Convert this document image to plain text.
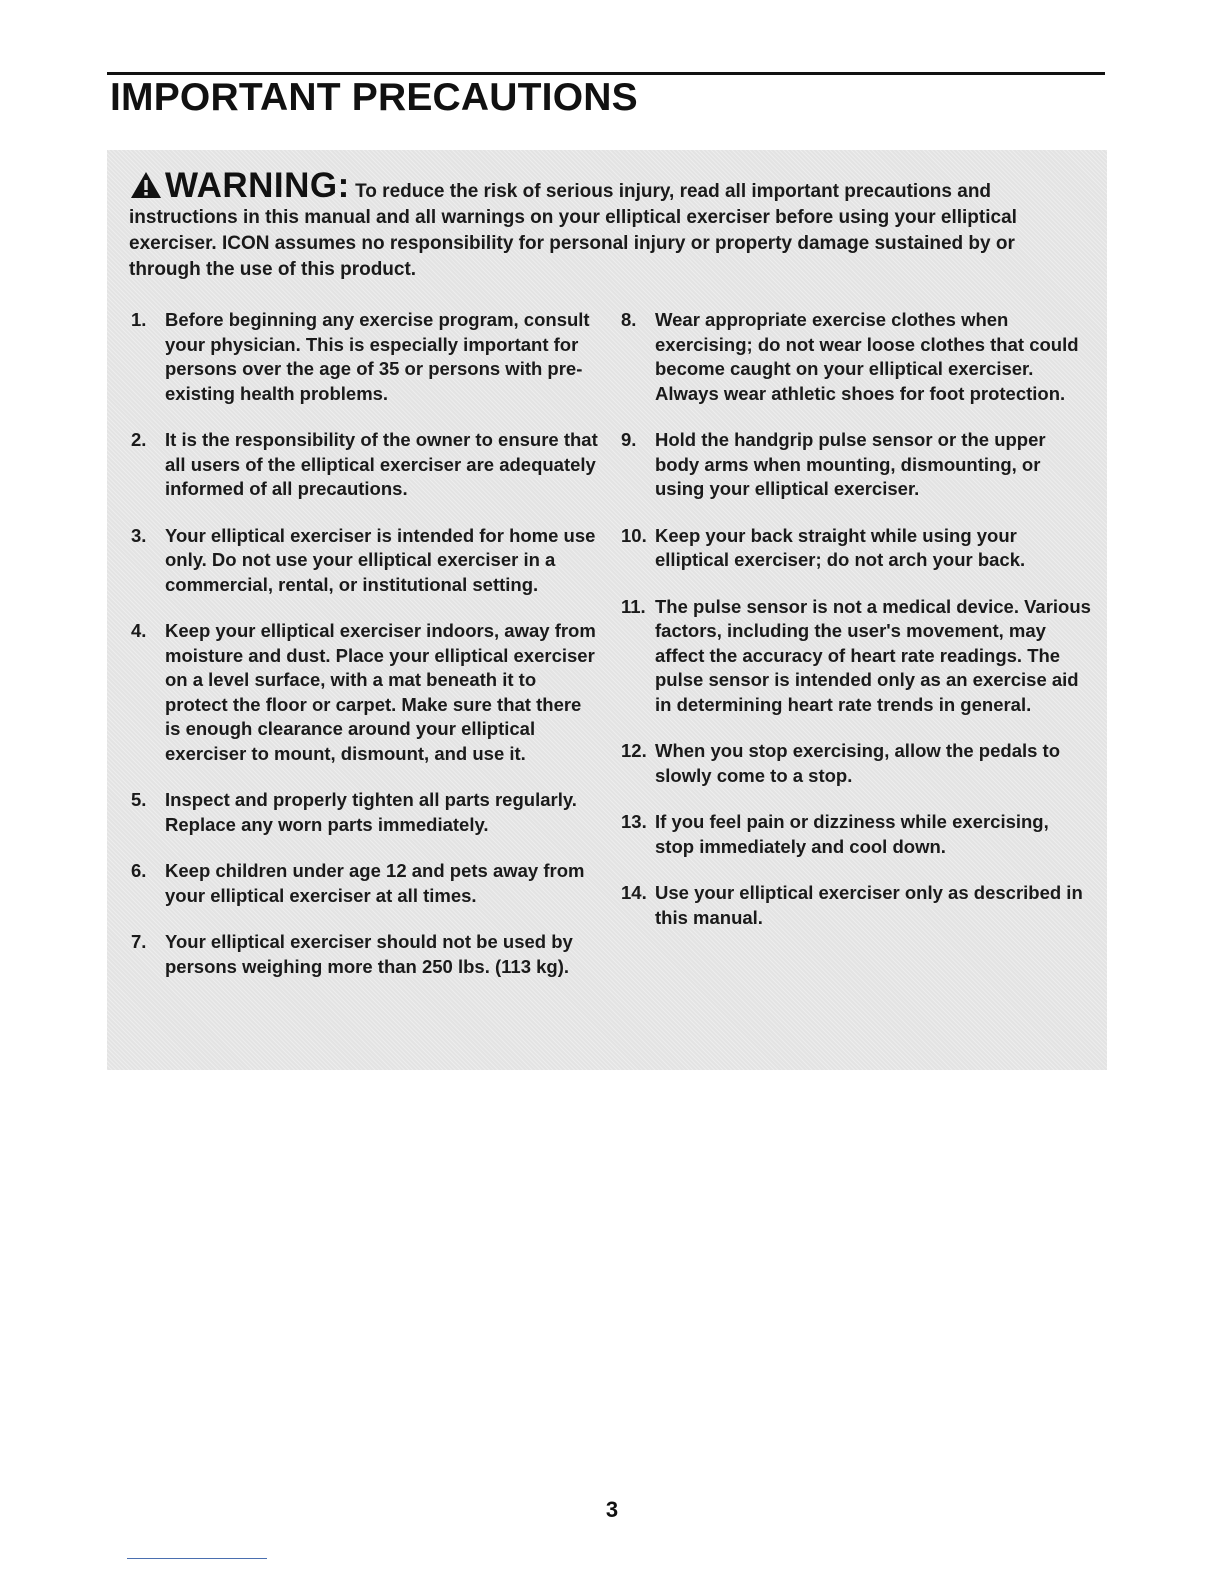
IMPORTANT PRECAUTIONS
WARNING: To reduce the risk of serious injury, read all important precautions and instructions in this manual and all warnings on your elliptical exerciser before using your elliptical exerciser. ICON assumes no responsibility for personal injury or property damage sustained by or through the use of this product.
1. Before beginning any exercise program, consult your physician. This is especially important for persons over the age of 35 or persons with pre-existing health problems.
2. It is the responsibility of the owner to ensure that all users of the elliptical exerciser are adequately informed of all precautions.
3. Your elliptical exerciser is intended for home use only. Do not use your elliptical exerciser in a commercial, rental, or institutional setting.
4. Keep your elliptical exerciser indoors, away from moisture and dust. Place your elliptical exerciser on a level surface, with a mat beneath it to protect the floor or carpet. Make sure that there is enough clearance around your elliptical exerciser to mount, dismount, and use it.
5. Inspect and properly tighten all parts regularly. Replace any worn parts immediately.
6. Keep children under age 12 and pets away from your elliptical exerciser at all times.
7. Your elliptical exerciser should not be used by persons weighing more than 250 lbs. (113 kg).
8. Wear appropriate exercise clothes when exercising; do not wear loose clothes that could become caught on your elliptical exerciser. Always wear athletic shoes for foot protection.
9. Hold the handgrip pulse sensor or the upper body arms when mounting, dismounting, or using your elliptical exerciser.
10. Keep your back straight while using your elliptical exerciser; do not arch your back.
11. The pulse sensor is not a medical device. Various factors, including the user's movement, may affect the accuracy of heart rate readings. The pulse sensor is intended only as an exercise aid in determining heart rate trends in general.
12. When you stop exercising, allow the pedals to slowly come to a stop.
13. If you feel pain or dizziness while exercising, stop immediately and cool down.
14. Use your elliptical exerciser only as described in this manual.
3
